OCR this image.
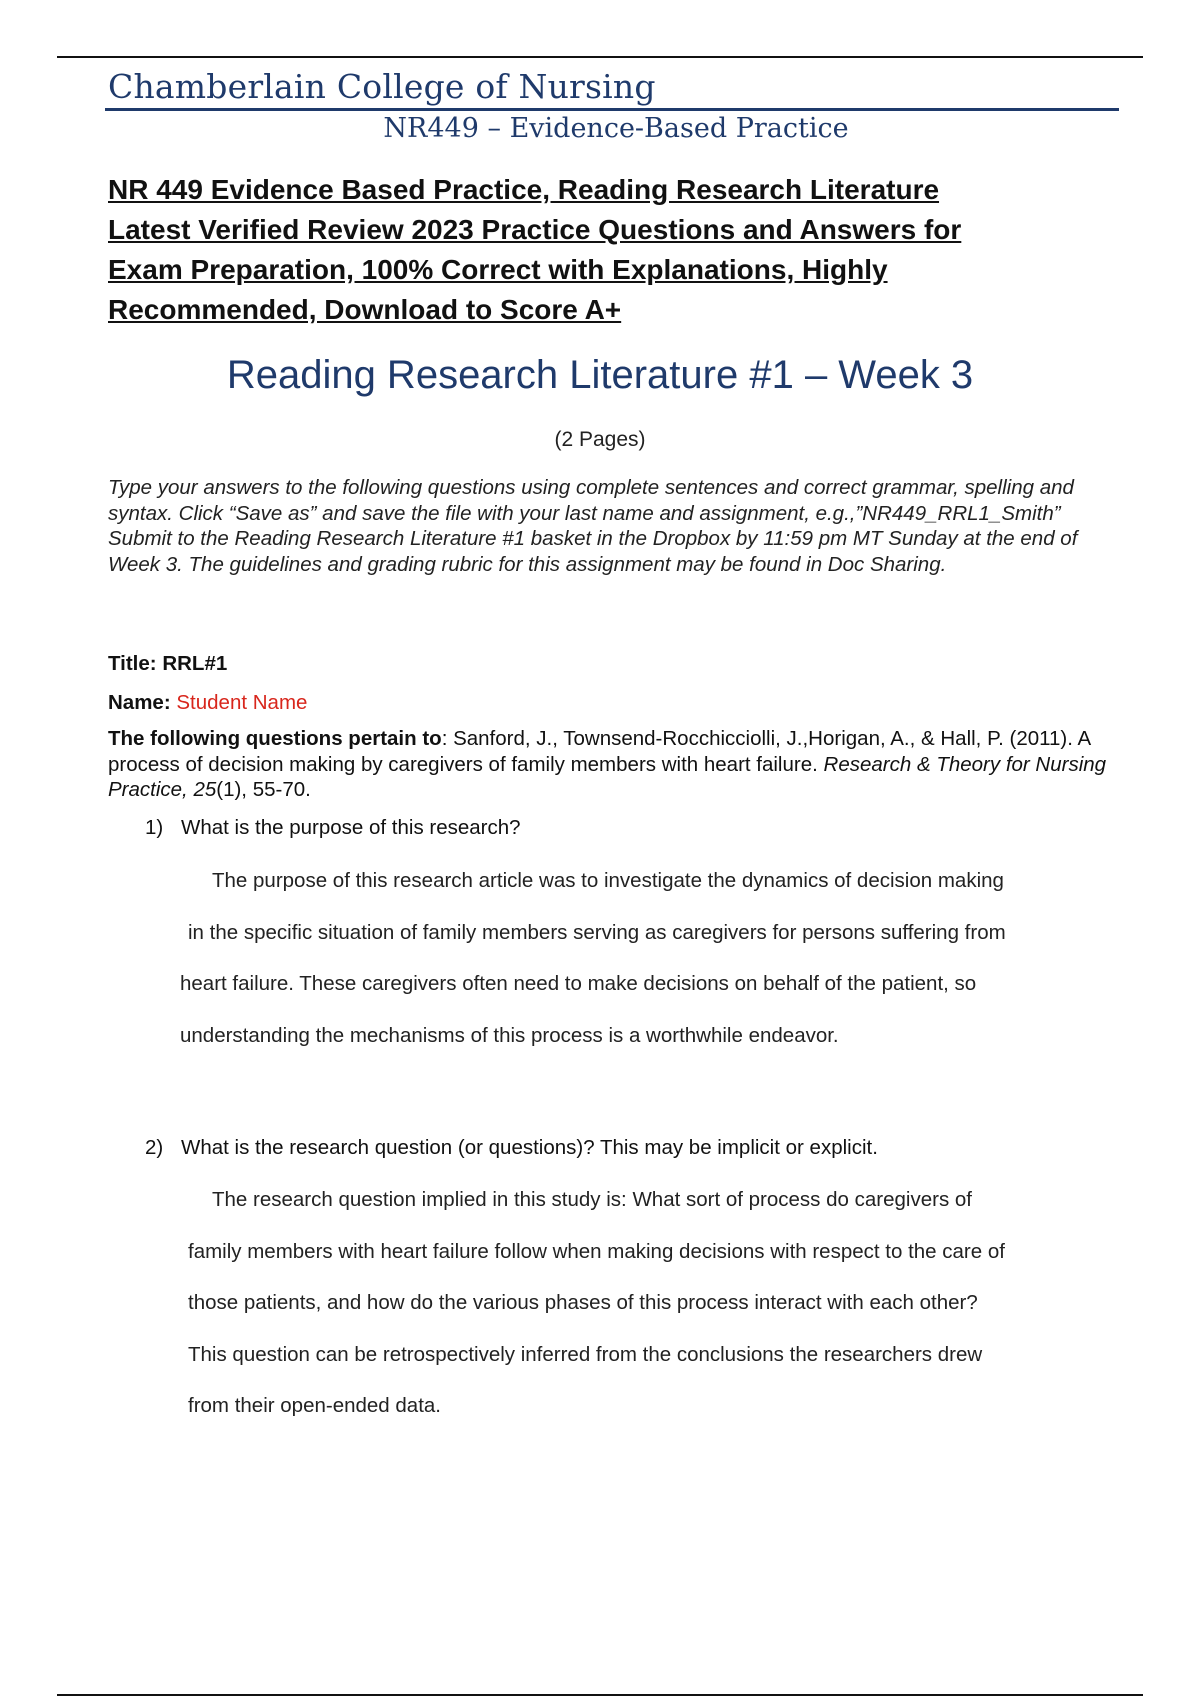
Chamberlain College of Nursing
NR449 – Evidence-Based Practice
NR 449 Evidence Based Practice, Reading Research Literature
Latest Verified Review 2023 Practice Questions and Answers for
Exam Preparation, 100% Correct with Explanations, Highly
Recommended, Download to Score A+
Reading Research Literature #1 – Week 3
(2 Pages)
Type your answers to the following questions using complete sentences and correct grammar, spelling and syntax. Click “Save as” and save the file with your last name and assignment, e.g.,”NR449_RRL1_Smith” Submit to the Reading Research Literature #1 basket in the Dropbox by 11:59 pm MT Sunday at the end of Week 3. The guidelines and grading rubric for this assignment may be found in Doc Sharing.
Title: RRL#1
Name: Student Name
The following questions pertain to: Sanford, J., Townsend-Rocchicciolli, J.,Horigan, A., & Hall, P. (2011). A process of decision making by caregivers of family members with heart failure. Research & Theory for Nursing Practice, 25(1), 55-70.
1) What is the purpose of this research?

The purpose of this research article was to investigate the dynamics of decision making

in the specific situation of family members serving as caregivers for persons suffering from

heart failure. These caregivers often need to make decisions on behalf of the patient, so

understanding the mechanisms of this process is a worthwhile endeavor.

2) What is the research question (or questions)? This may be implicit or explicit.

The research question implied in this study is: What sort of process do caregivers of

family members with heart failure follow when making decisions with respect to the care of

those patients, and how do the various phases of this process interact with each other?

This question can be retrospectively inferred from the conclusions the researchers drew

from their open-ended data.
